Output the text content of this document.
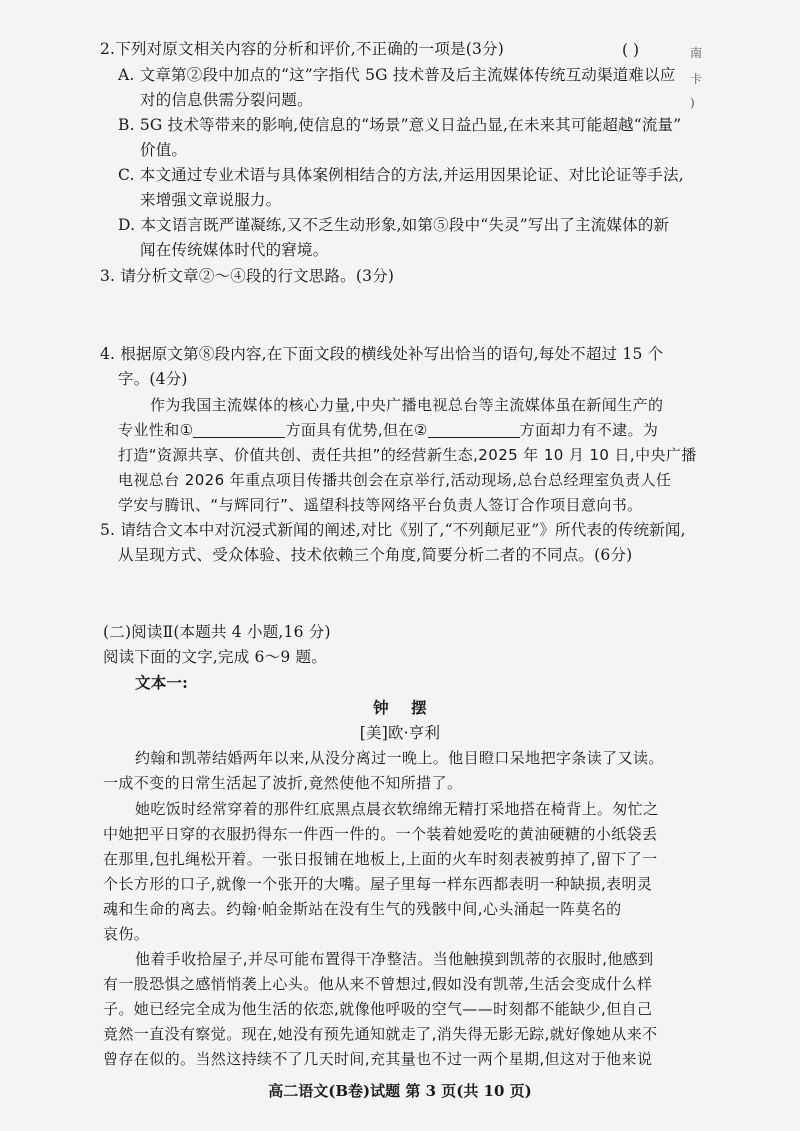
2.下列对原文相关内容的分析和评价,不正确的一项是(3分)	( )
A. 文章第②段中加点的“这”字指代 5G 技术普及后主流媒体传统互动渠道难以应
对的信息供需分裂问题。
B. 5G 技术等带来的影响,使信息的“场景”意义日益凸显,在未来其可能超越“流量”
价值。
C. 本文通过专业术语与具体案例相结合的方法,并运用因果论证、对比论证等手法,
来增强文章说服力。
D. 本文语言既严谨凝练,又不乏生动形象,如第⑤段中“失灵”写出了主流媒体的新
闻在传统媒体时代的窘境。
3. 请分析文章②～④段的行文思路。(3分)
4. 根据原文第⑧段内容,在下面文段的横线处补写出恰当的语句,每处不超过 15 个
字。(4分)
作为我国主流媒体的核心力量,中央广播电视总台等主流媒体虽在新闻生产的
专业性和①	方面具有优势,但在②	方面却力有不逮。为
打造“资源共享、价值共创、责任共担”的经营新生态,2025 年 10 月 10 日,中央广播
电视总台 2026 年重点项目传播共创会在京举行,活动现场,总台总经理室负责人任
学安与腾讯、“与辉同行”、遥望科技等网络平台负责人签订合作项目意向书。
5. 请结合文本中对沉浸式新闻的阐述,对比《别了,“不列颠尼亚”》所代表的传统新闻,
从呈现方式、受众体验、技术依赖三个角度,简要分析二者的不同点。(6分)
(二)阅读Ⅱ(本题共 4 小题,16 分)
阅读下面的文字,完成 6～9 题。
文本一:
钟    摆
[美]欧·亨利
约翰和凯蒂结婚两年以来,从没分离过一晚上。他目瞪口呆地把字条读了又读。
一成不变的日常生活起了波折,竟然使他不知所措了。
她吃饭时经常穿着的那件红底黑点晨衣软绵绵无精打采地搭在椅背上。匆忙之
中她把平日穿的衣服扔得东一件西一件的。一个装着她爱吃的黄油硬糖的小纸袋丢
在那里,包扎绳松开着。一张日报铺在地板上,上面的火车时刻表被剪掉了,留下了一
个长方形的口子,就像一个张开的大嘴。屋子里每一样东西都表明一种缺损,表明灵
魂和生命的离去。约翰·帕金斯站在没有生气的残骸中间,心头涌起一阵莫名的
哀伤。
他着手收拾屋子,并尽可能布置得干净整洁。当他触摸到凯蒂的衣服时,他感到
有一股恐惧之感悄悄袭上心头。他从来不曾想过,假如没有凯蒂,生活会变成什么样
子。她已经完全成为他生活的依恋,就像他呼吸的空气——时刻都不能缺少,但自己
竟然一直没有察觉。现在,她没有预先通知就走了,消失得无影无踪,就好像她从来不
曾存在似的。当然这持续不了几天时间,充其量也不过一两个星期,但这对于他来说
南
卡
)
高二语文(B卷)试题 第 3 页(共 10 页)
